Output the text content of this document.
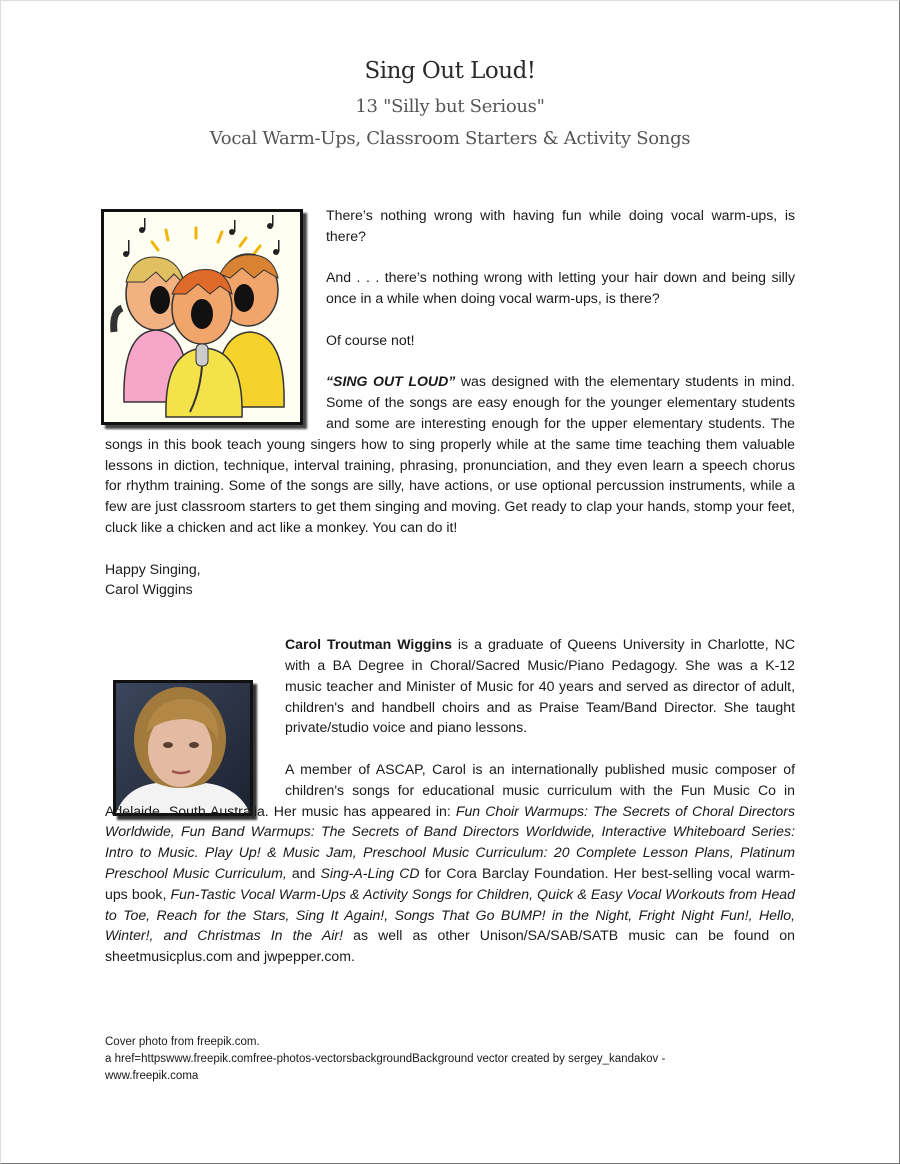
Sing Out Loud!
13 "Silly but Serious"
Vocal Warm-Ups, Classroom Starters & Activity Songs

There’s nothing wrong with having fun while doing vocal warm-ups, is there?

And . . . there’s nothing wrong with letting your hair down and being silly once in a while when doing vocal warm-ups, is there?

Of course not!

“SING OUT LOUD” was designed with the elementary students in mind. Some of the songs are easy enough for the younger elementary students and some are interesting enough for the upper elementary students. The songs in this book teach young singers how to sing properly while at the same time teaching them valuable lessons in diction, technique, interval training, phrasing, pronunciation, and they even learn a speech chorus for rhythm training. Some of the songs are silly, have actions, or use optional percussion instruments, while a few are just classroom starters to get them singing and moving. Get ready to clap your hands, stomp your feet, cluck like a chicken and act like a monkey. You can do it!

Happy Singing,
Carol Wiggins

Carol Troutman Wiggins is a graduate of Queens University in Charlotte, NC with a BA Degree in Choral/Sacred Music/Piano Pedagogy. She was a K-12 music teacher and Minister of Music for 40 years and served as director of adult, children's and handbell choirs and as Praise Team/Band Director. She taught private/studio voice and piano lessons.

A member of ASCAP, Carol is an internationally published music composer of children's songs for educational music curriculum with the Fun Music Co in Adelaide, South Australia. Her music has appeared in: Fun Choir Warmups: The Secrets of Choral Directors Worldwide, Fun Band Warmups: The Secrets of Band Directors Worldwide, Interactive Whiteboard Series: Intro to Music. Play Up! & Music Jam, Preschool Music Curriculum: 20 Complete Lesson Plans, Platinum Preschool Music Curriculum, and Sing-A-Ling CD for Cora Barclay Foundation. Her best-selling vocal warm-ups book, Fun-Tastic Vocal Warm-Ups & Activity Songs for Children, Quick & Easy Vocal Workouts from Head to Toe, Reach for the Stars, Sing It Again!, Songs That Go BUMP! in the Night, Fright Night Fun!, Hello, Winter!, and Christmas In the Air! as well as other Unison/SA/SAB/SATB music can be found on sheetmusicplus.com and jwpepper.com.

Cover photo from freepik.com.
a href=httpswww.freepik.comfree-photos-vectorsbackgroundBackground vector created by sergey_kandakov -
www.freepik.coma
